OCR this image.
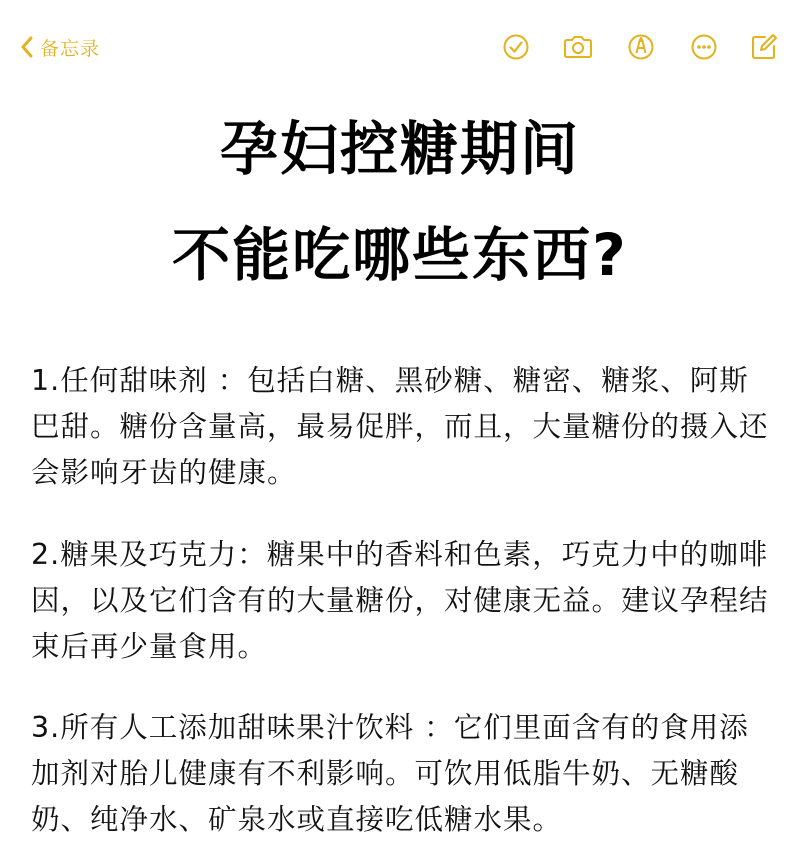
备忘录
孕妇控糖期间
不能吃哪些东西?
1.任何甜味剂 ：包括白糖、黑砂糖、糖密、糖浆、阿斯巴甜。糖份含量高，最易促胖，而且，大量糖份的摄入还会影响牙齿的健康。
2.糖果及巧克力：糖果中的香料和色素，巧克力中的咖啡因，以及它们含有的大量糖份，对健康无益。建议孕程结束后再少量食用。
3.所有人工添加甜味果汁饮料 ：它们里面含有的食用添加剂对胎儿健康有不利影响。可饮用低脂牛奶、无糖酸奶、纯净水、矿泉水或直接吃低糖水果。
